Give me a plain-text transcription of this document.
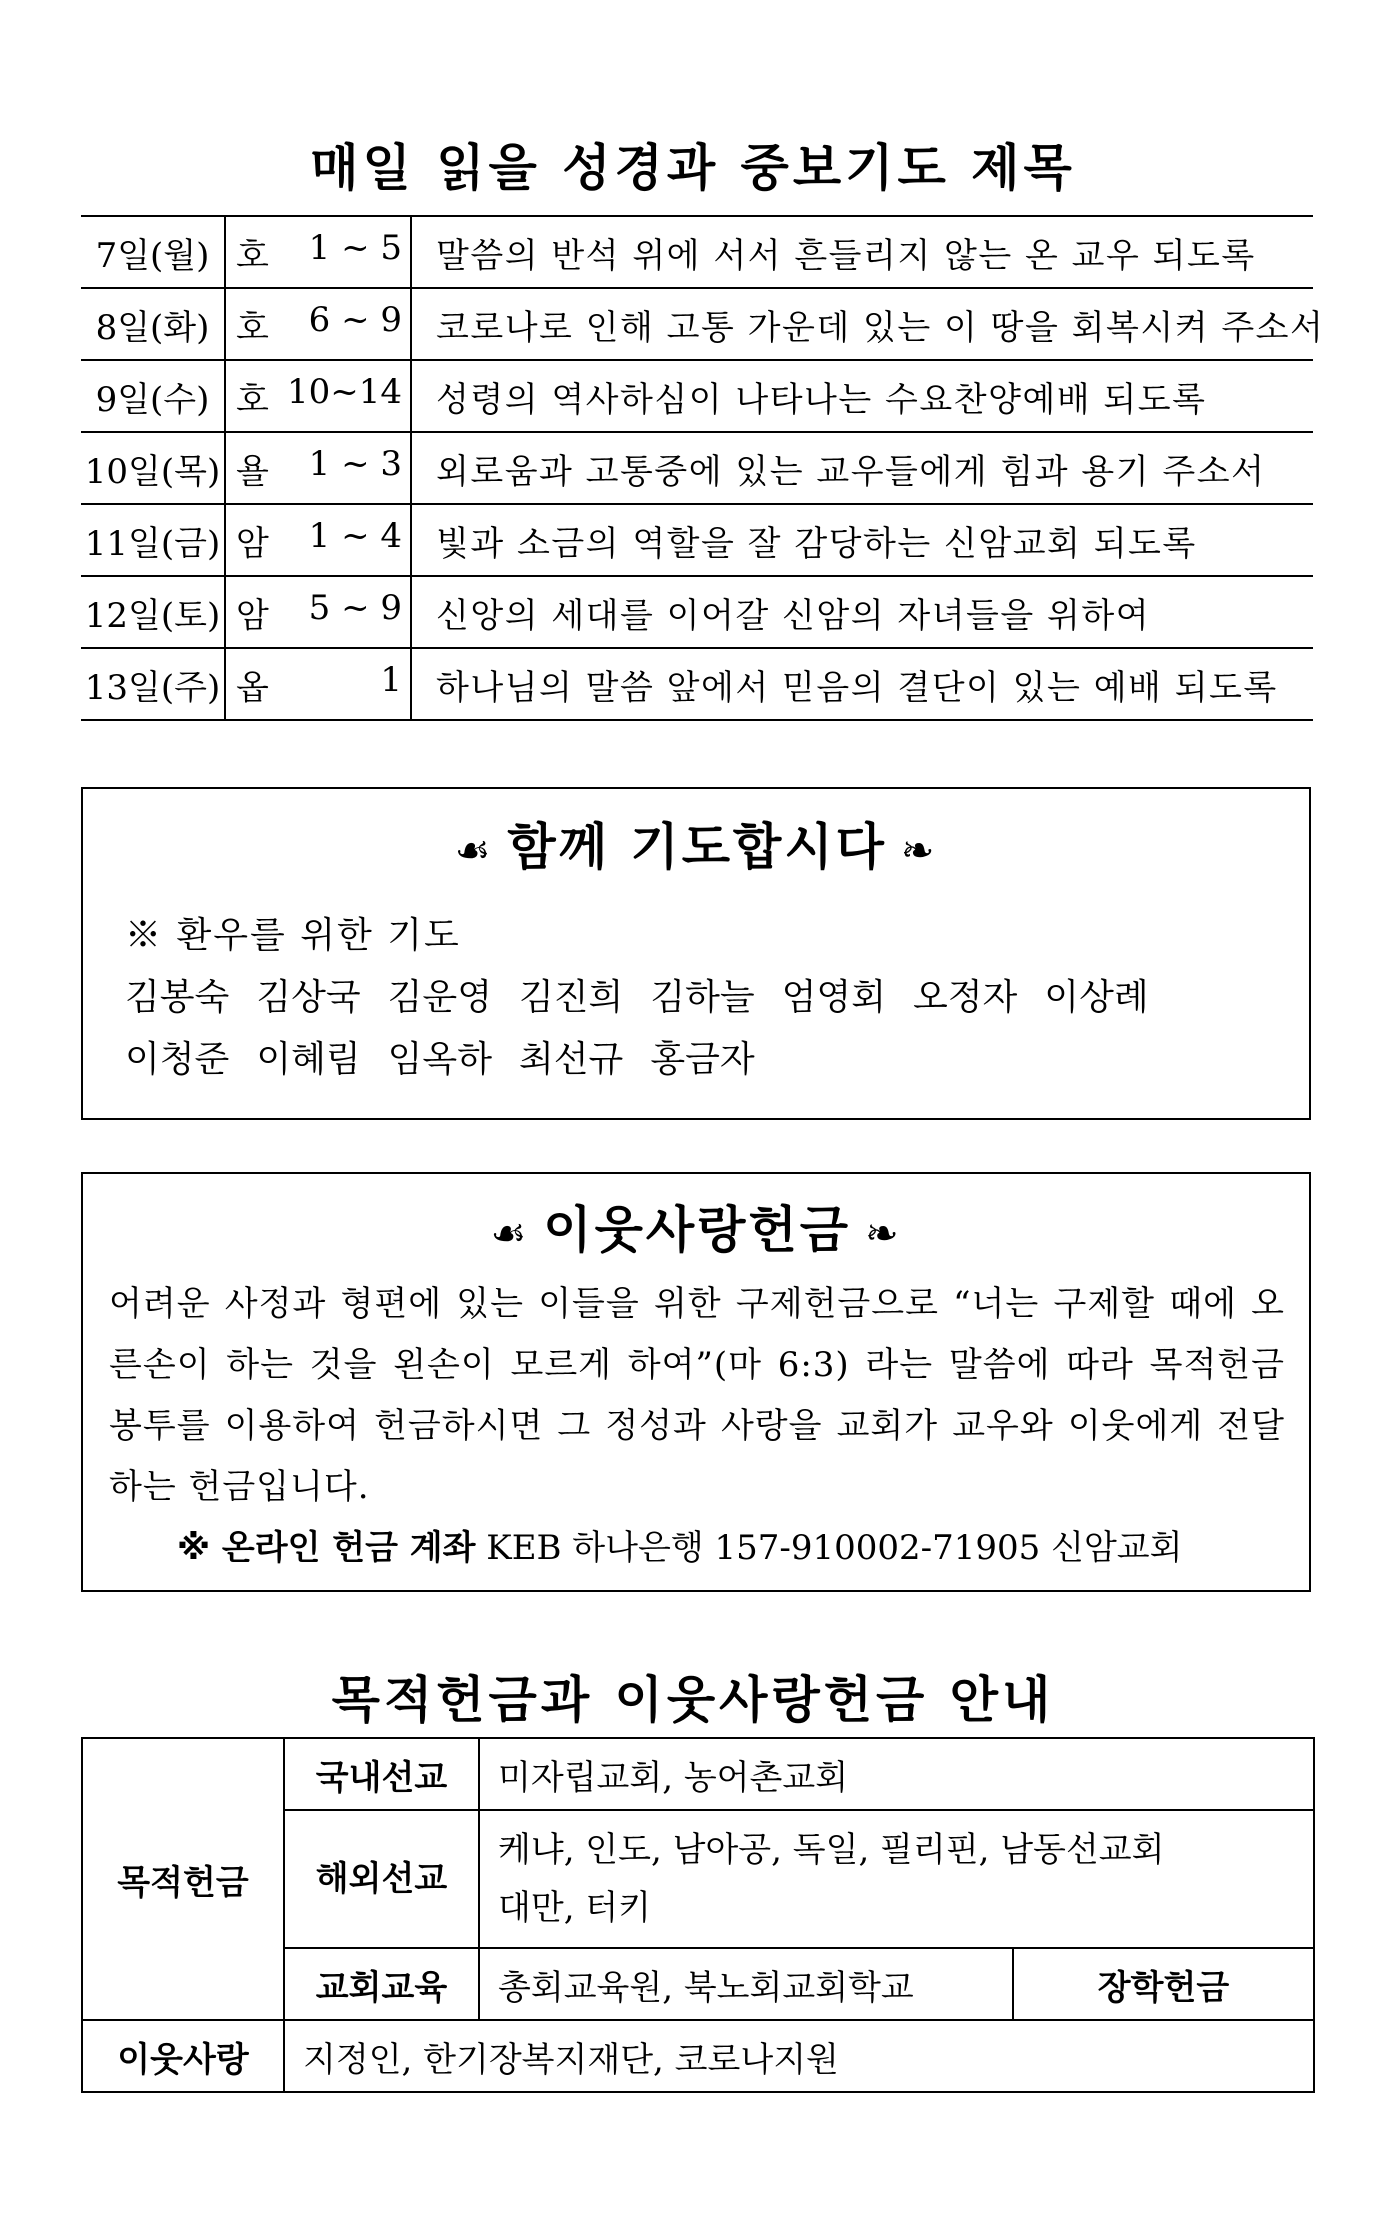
매일 읽을 성경과 중보기도 제목
7일(월)	호 1 ~ 5	말씀의 반석 위에 서서 흔들리지 않는 온 교우 되도록
8일(화)	호 6 ~ 9	코로나로 인해 고통 가운데 있는 이 땅을 회복시켜 주소서
9일(수)	호 10~14	성령의 역사하심이 나타나는 수요찬양예배 되도록
10일(목)	욜 1 ~ 3	외로움과 고통중에 있는 교우들에게 힘과 용기 주소서
11일(금)	암 1 ~ 4	빛과 소금의 역할을 잘 감당하는 신암교회 되도록
12일(토)	암 5 ~ 9	신앙의 세대를 이어갈 신암의 자녀들을 위하여
13일(주)	옵 1	하나님의 말씀 앞에서 믿음의 결단이 있는 예배 되도록
☙ 함께 기도합시다 ❧
※ 환우를 위한 기도
김봉숙 김상국 김운영 김진희 김하늘 엄영회 오정자 이상례이청준 이혜림 임옥하 최선규 홍금자
☙ 이웃사랑헌금 ❧
어려운 사정과 형편에 있는 이들을 위한 구제헌금으로 “너는 구제할 때에 오른손이 하는 것을 왼손이 모르게 하여”(마 6:3) 라는 말씀에 따라 목적헌금 봉투를 이용하여 헌금하시면 그 정성과 사랑을 교회가 교우와 이웃에게 전달하는 헌금입니다.
※ 온라인 헌금 계좌 KEB 하나은행 157-910002-71905 신암교회
목적헌금과 이웃사랑헌금 안내
목적헌금	국내선교	미자립교회, 농어촌교회	
	해외선교	케냐, 인도, 남아공, 독일, 필리핀, 남동선교회
대만, 터키	

	교회교육	총회교육원, 북노회교회학교	장학헌금
이웃사랑	지정인, 한기장복지재단, 코로나지원		
